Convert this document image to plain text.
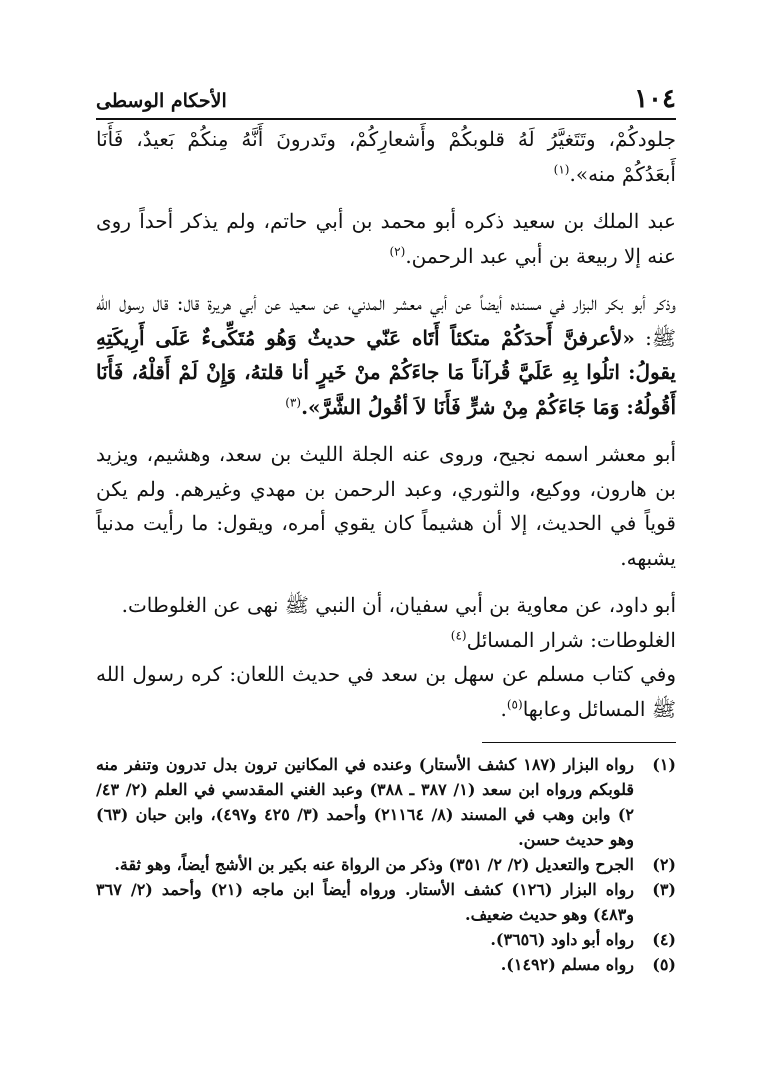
١٠٤
الأحكام الوسطى

جلودكُمْ، وتَتَغيَّرُ لَهُ قلوبكُمْ وأَشعارِكُمْ، وتَدرونَ أَنَّهُ مِنكُمْ بَعيدٌ، فَأَنَا أَبعَدُكُمْ منه».$^{(١)}$

عبد الملك بن سعيد ذكره أبو محمد بن أبي حاتم، ولم يذكر أحداً روى عنه إلا ربيعة بن أبي عبد الرحمن.$^{(٢)}$

وذكر أبو بكر البزار في مسنده أيضاً عن أبي معشر المدني، عن سعيد عن أبي هريرة قال: قال رسول الله ﷺ: «لأعرفنَّ أَحدَكُمْ متكئاً أَتَاه عَنّي حديثٌ وَهُو مُتَكِّىءٌ عَلَى أَرِيكَتِهِ يقولُ: اتلُوا بِهِ عَلَيَّ قُرآناً مَا جاءَكُمْ منْ خَيرٍ أنا قلتهُ، وَإِنْ لَمْ أَقلْهُ، فَأَنَا أَقُولُهُ: وَمَا جَاءَكُمْ مِنْ شرٍّ فَأَنَا لاَ أقُولُ الشَّرَّ».$^{(٣)}$

أبو معشر اسمه نجيح، وروى عنه الجلة الليث بن سعد، وهشيم، ويزيد بن هارون، ووكيع، والثوري، وعبد الرحمن بن مهدي وغيرهم. ولم يكن قوياً في الحديث، إلا أن هشيماً كان يقوي أمره، ويقول: ما رأيت مدنياً يشبهه.

أبو داود، عن معاوية بن أبي سفيان، أن النبي ﷺ نهى عن الغلوطات.

الغلوطات: شرار المسائل$^{(٤)}$

وفي كتاب مسلم عن سهل بن سعد في حديث اللعان: كره رسول الله ﷺ المسائل وعابها$^{(٥)}$.

(١)
رواه البزار (١٨٧ كشف الأستار) وعنده في المكانين ترون بدل تدرون وتنفر منه قلوبكم ورواه ابن سعد (١/ ٣٨٧ ـ ٣٨٨) وعبد الغني المقدسي في العلم (٢/ ٤٣/ ٢) وابن وهب في المسند (٨/ ٢١١٦٤) وأحمد (٣/ ٤٢٥ و٤٩٧)، وابن حبان (٦٣) وهو حديث حسن.
(٢)
الجرح والتعديل (٢/ ٢/ ٣٥١) وذكر من الرواة عنه بكير بن الأشج أيضاً، وهو ثقة.
(٣)
رواه البزار (١٢٦) كشف الأستار. ورواه أيضاً ابن ماجه (٢١) وأحمد (٢/ ٣٦٧ و٤٨٣) وهو حديث ضعيف.
(٤)
رواه أبو داود (٣٦٥٦).
(٥)
رواه مسلم (١٤٩٢).
